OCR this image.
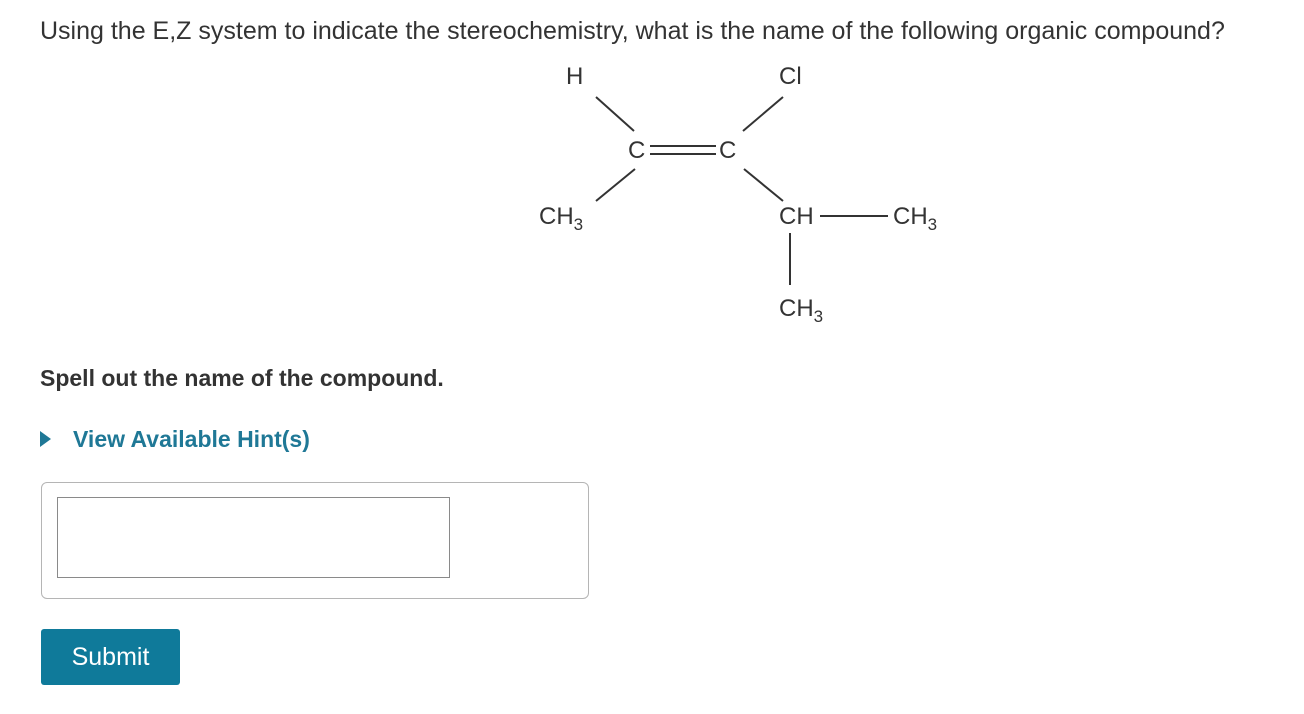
Using the E,Z system to indicate the stereochemistry, what is the name of the following organic compound?
H	Cl
C	C
$CH_3$	CH	$CH_3$
$CH_3$

Spell out the name of the compound.

View Available Hint(s)
Submit
